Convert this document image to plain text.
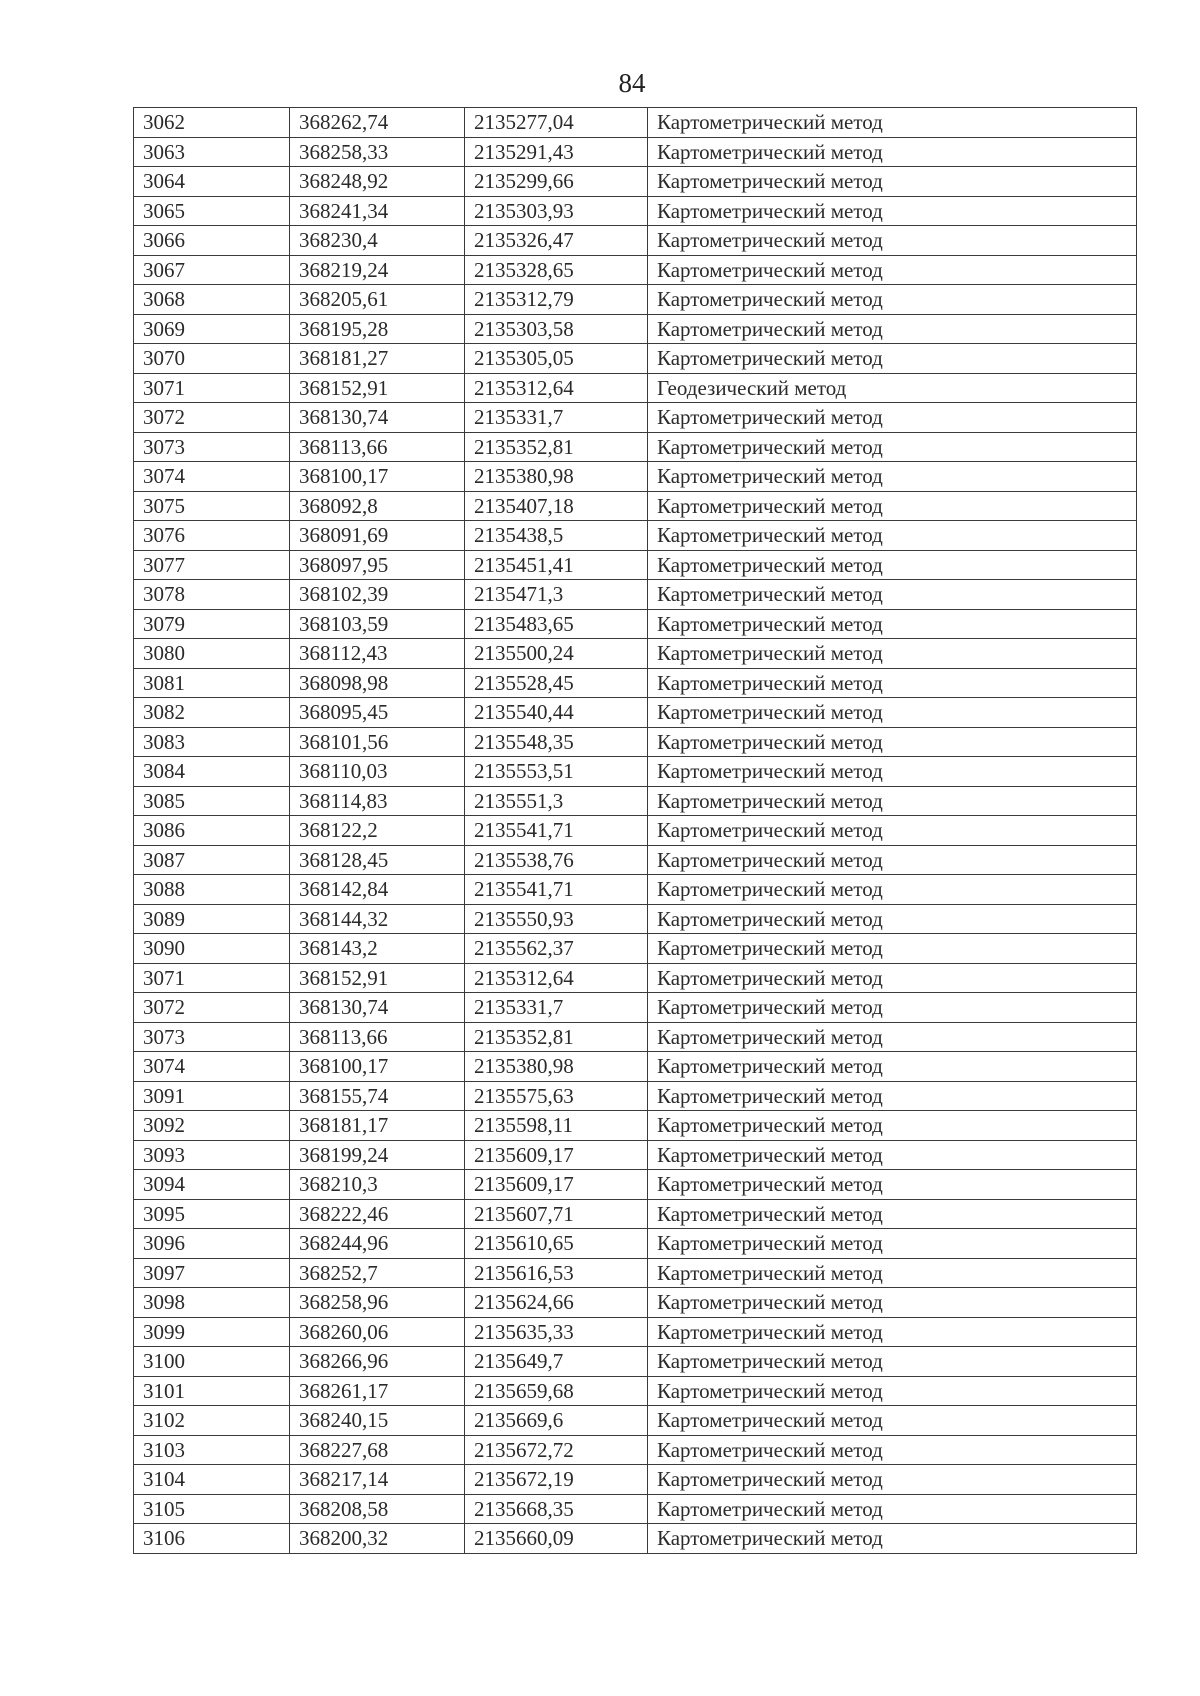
84
3062	368262,74	2135277,04	Картометрический метод
3063	368258,33	2135291,43	Картометрический метод
3064	368248,92	2135299,66	Картометрический метод
3065	368241,34	2135303,93	Картометрический метод
3066	368230,4	2135326,47	Картометрический метод
3067	368219,24	2135328,65	Картометрический метод
3068	368205,61	2135312,79	Картометрический метод
3069	368195,28	2135303,58	Картометрический метод
3070	368181,27	2135305,05	Картометрический метод
3071	368152,91	2135312,64	Геодезический метод
3072	368130,74	2135331,7	Картометрический метод
3073	368113,66	2135352,81	Картометрический метод
3074	368100,17	2135380,98	Картометрический метод
3075	368092,8	2135407,18	Картометрический метод
3076	368091,69	2135438,5	Картометрический метод
3077	368097,95	2135451,41	Картометрический метод
3078	368102,39	2135471,3	Картометрический метод
3079	368103,59	2135483,65	Картометрический метод
3080	368112,43	2135500,24	Картометрический метод
3081	368098,98	2135528,45	Картометрический метод
3082	368095,45	2135540,44	Картометрический метод
3083	368101,56	2135548,35	Картометрический метод
3084	368110,03	2135553,51	Картометрический метод
3085	368114,83	2135551,3	Картометрический метод
3086	368122,2	2135541,71	Картометрический метод
3087	368128,45	2135538,76	Картометрический метод
3088	368142,84	2135541,71	Картометрический метод
3089	368144,32	2135550,93	Картометрический метод
3090	368143,2	2135562,37	Картометрический метод
3071	368152,91	2135312,64	Картометрический метод
3072	368130,74	2135331,7	Картометрический метод
3073	368113,66	2135352,81	Картометрический метод
3074	368100,17	2135380,98	Картометрический метод
3091	368155,74	2135575,63	Картометрический метод
3092	368181,17	2135598,11	Картометрический метод
3093	368199,24	2135609,17	Картометрический метод
3094	368210,3	2135609,17	Картометрический метод
3095	368222,46	2135607,71	Картометрический метод
3096	368244,96	2135610,65	Картометрический метод
3097	368252,7	2135616,53	Картометрический метод
3098	368258,96	2135624,66	Картометрический метод
3099	368260,06	2135635,33	Картометрический метод
3100	368266,96	2135649,7	Картометрический метод
3101	368261,17	2135659,68	Картометрический метод
3102	368240,15	2135669,6	Картометрический метод
3103	368227,68	2135672,72	Картометрический метод
3104	368217,14	2135672,19	Картометрический метод
3105	368208,58	2135668,35	Картометрический метод
3106	368200,32	2135660,09	Картометрический метод
